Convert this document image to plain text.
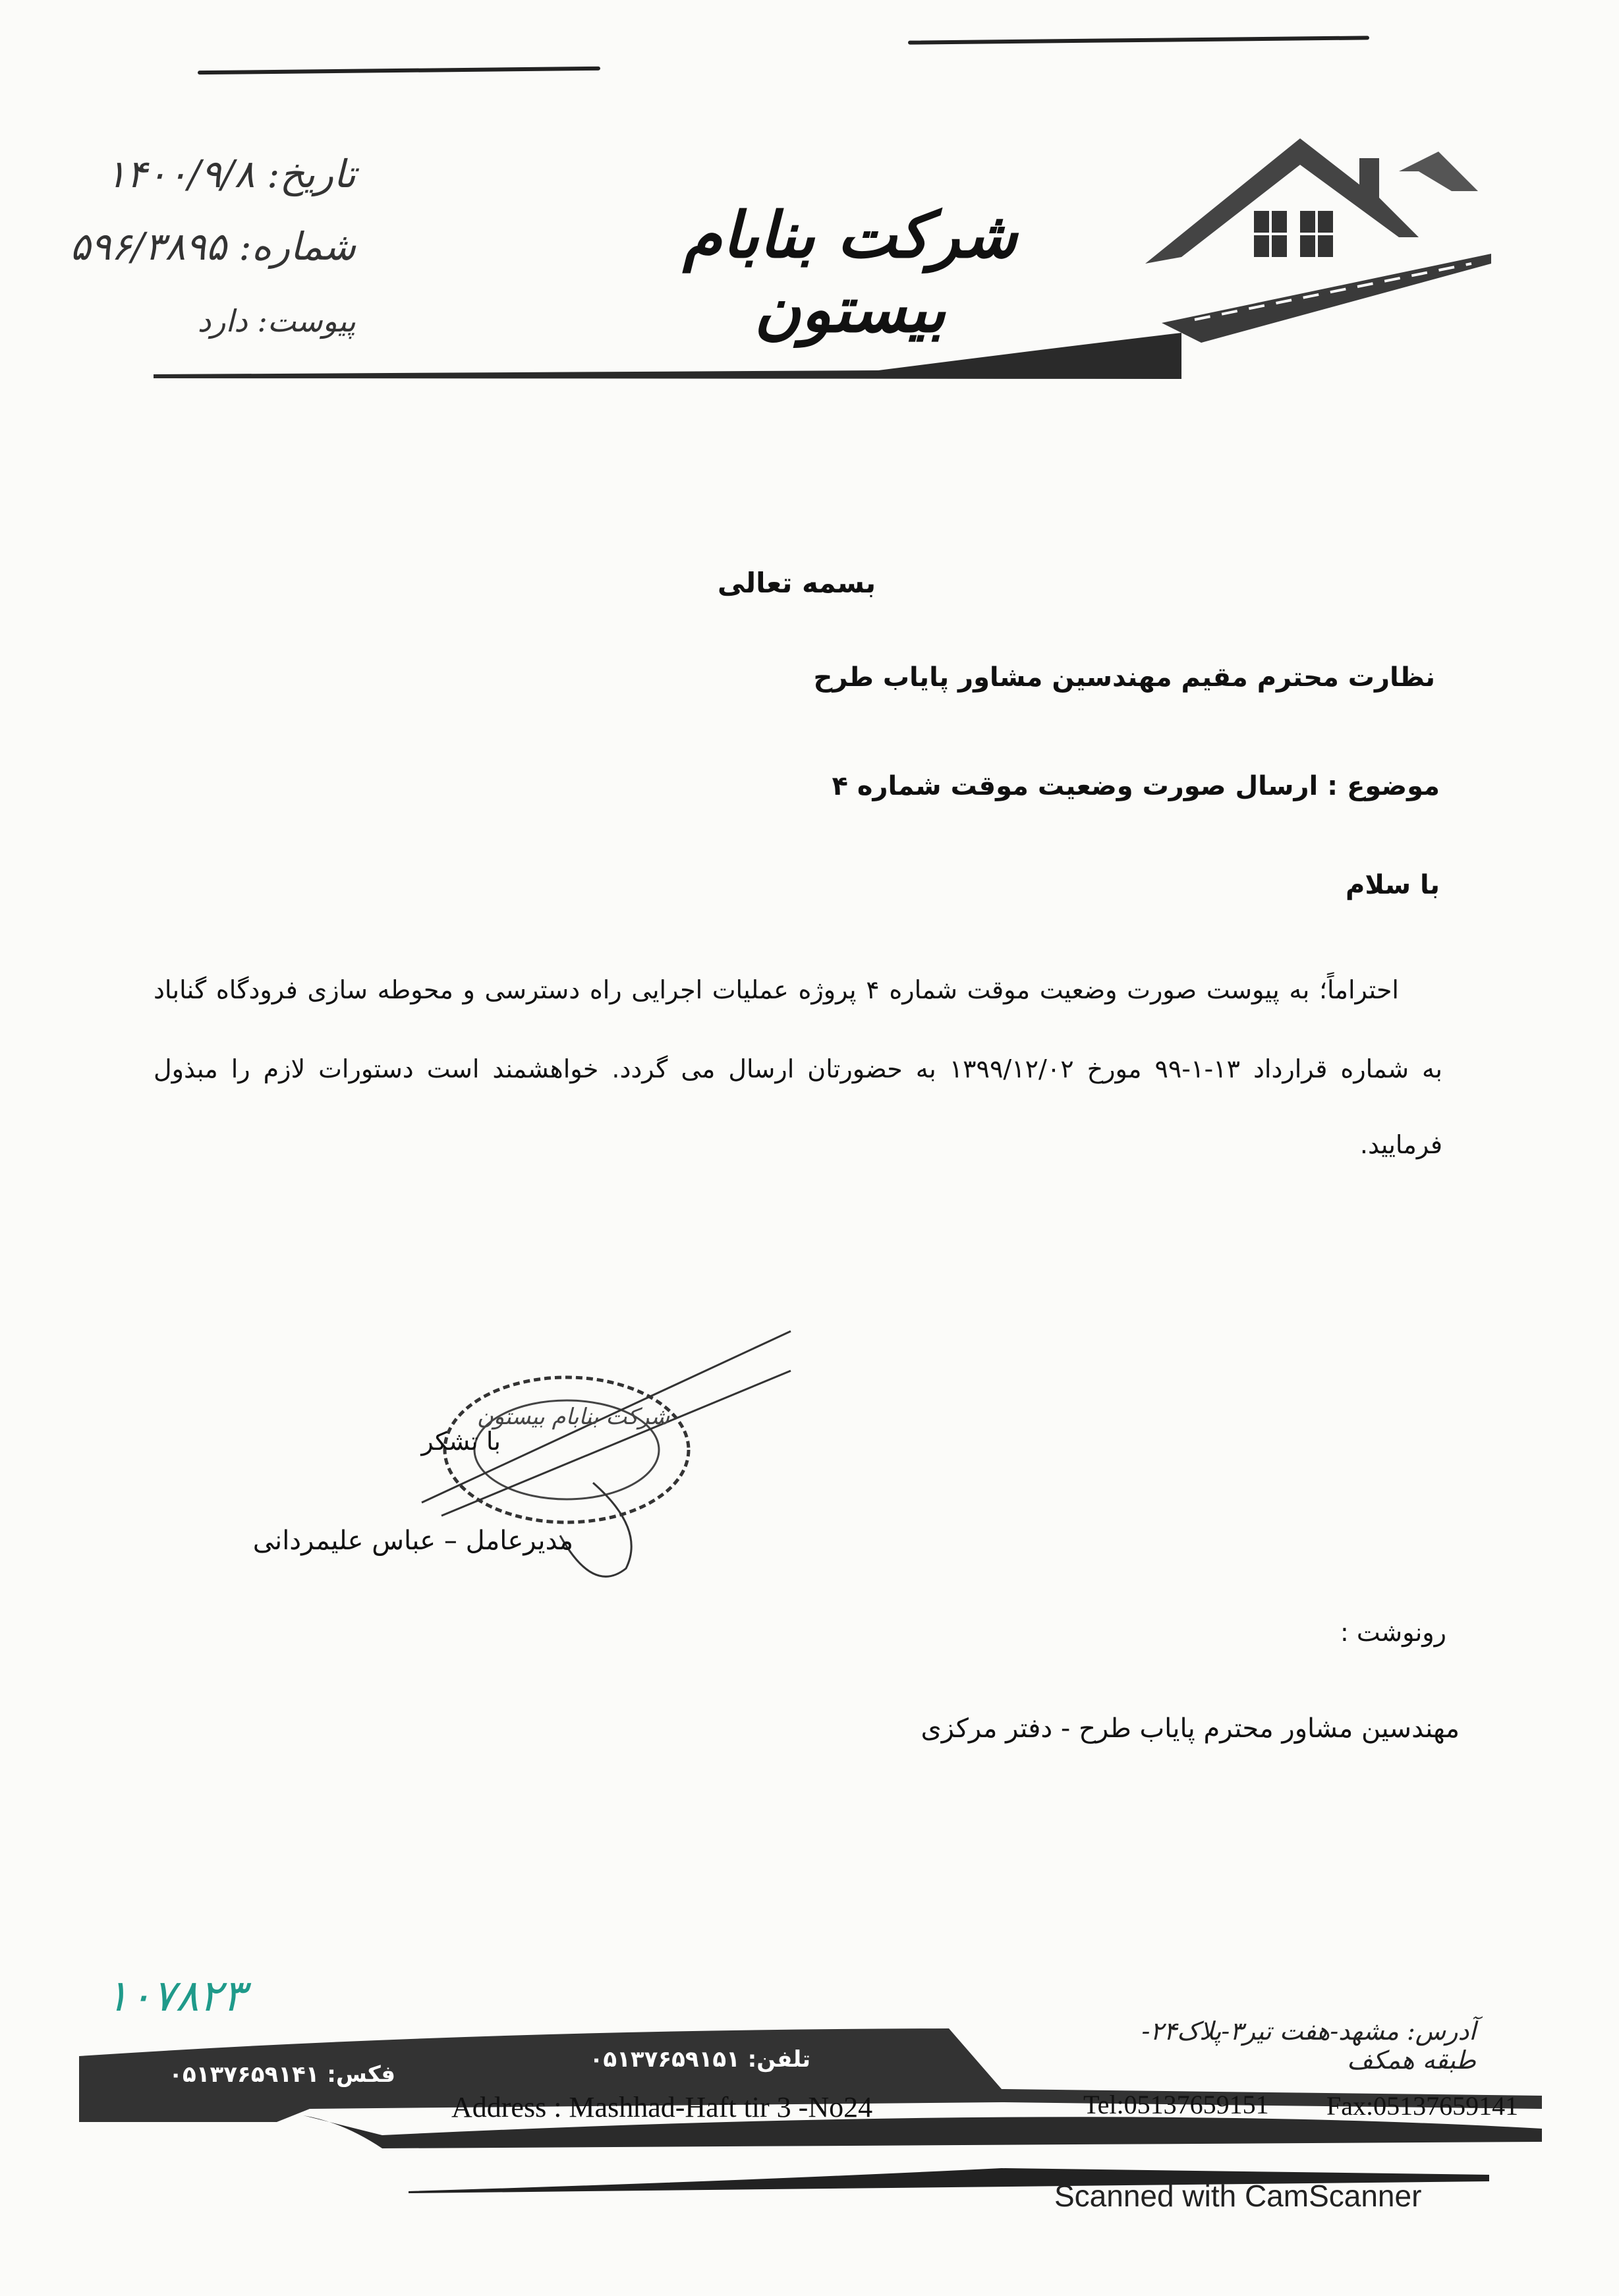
تاریخ: ۱۴۰۰/۹/۸
شماره: ۵۹۶/۳۸۹۵
پیوست: دارد
شرکت بنابام بیستون
بسمه تعالی
نظارت محترم مقیم مهندسین مشاور پایاب طرح
موضوع : ارسال صورت وضعیت موقت شماره ۴
با سلام
احتراماً؛ به پیوست صورت وضعیت موقت شماره ۴ پروژه عملیات اجرایی راه دسترسی و محوطه سازی فرودگاه گناباد
به شماره قرارداد ۱۳-۱-۹۹ مورخ ۱۳۹۹/۱۲/۰۲ به حضورتان ارسال می گردد. خواهشمند است دستورات لازم را مبذول
فرمایید.
شرکت بنابام بیستون
با تشکر
مدیرعامل – عباس علیمردانی
رونوشت :
مهندسین مشاور محترم پایاب طرح - دفتر مرکزی
۱۰۷۸۲۳
آدرس: مشهد-هفت تیر۳-پلاک۲۴-طبقه همکف
تلفن: ۰۵۱۳۷۶۵۹۱۵۱
فکس: ۰۵۱۳۷۶۵۹۱۴۱
Address : Mashhad-Haft tir 3 -No24	Tel:05137659151 Fax:05137659141
Scanned with CamScanner
